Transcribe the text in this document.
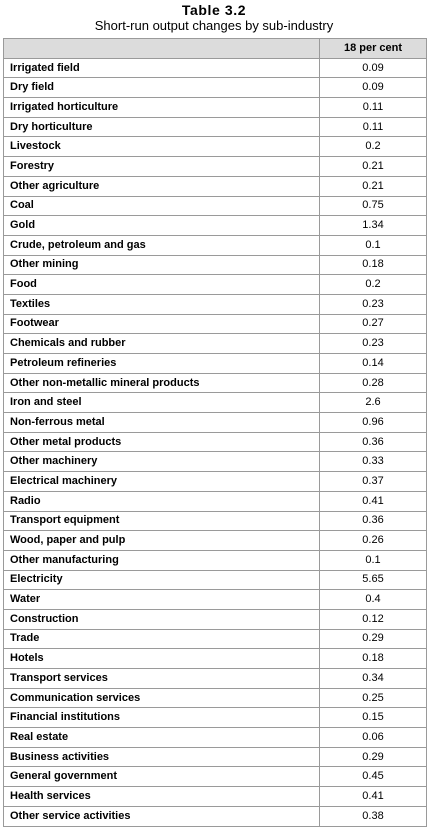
Table 3.2
Short-run output changes by sub-industry
	18 per cent
Irrigated field	0.09
Dry field	0.09
Irrigated horticulture	0.11
Dry horticulture	0.11
Livestock	0.2
Forestry	0.21
Other agriculture	0.21
Coal	0.75
Gold	1.34
Crude, petroleum and gas	0.1
Other mining	0.18
Food	0.2
Textiles	0.23
Footwear	0.27
Chemicals and rubber	0.23
Petroleum refineries	0.14
Other non-metallic mineral products	0.28
Iron and steel	2.6
Non-ferrous metal	0.96
Other metal products	0.36
Other machinery	0.33
Electrical machinery	0.37
Radio	0.41
Transport equipment	0.36
Wood, paper and pulp	0.26
Other manufacturing	0.1
Electricity	5.65
Water	0.4
Construction	0.12
Trade	0.29
Hotels	0.18
Transport services	0.34
Communication services	0.25
Financial institutions	0.15
Real estate	0.06
Business activities	0.29
General government	0.45
Health services	0.41
Other service activities	0.38
